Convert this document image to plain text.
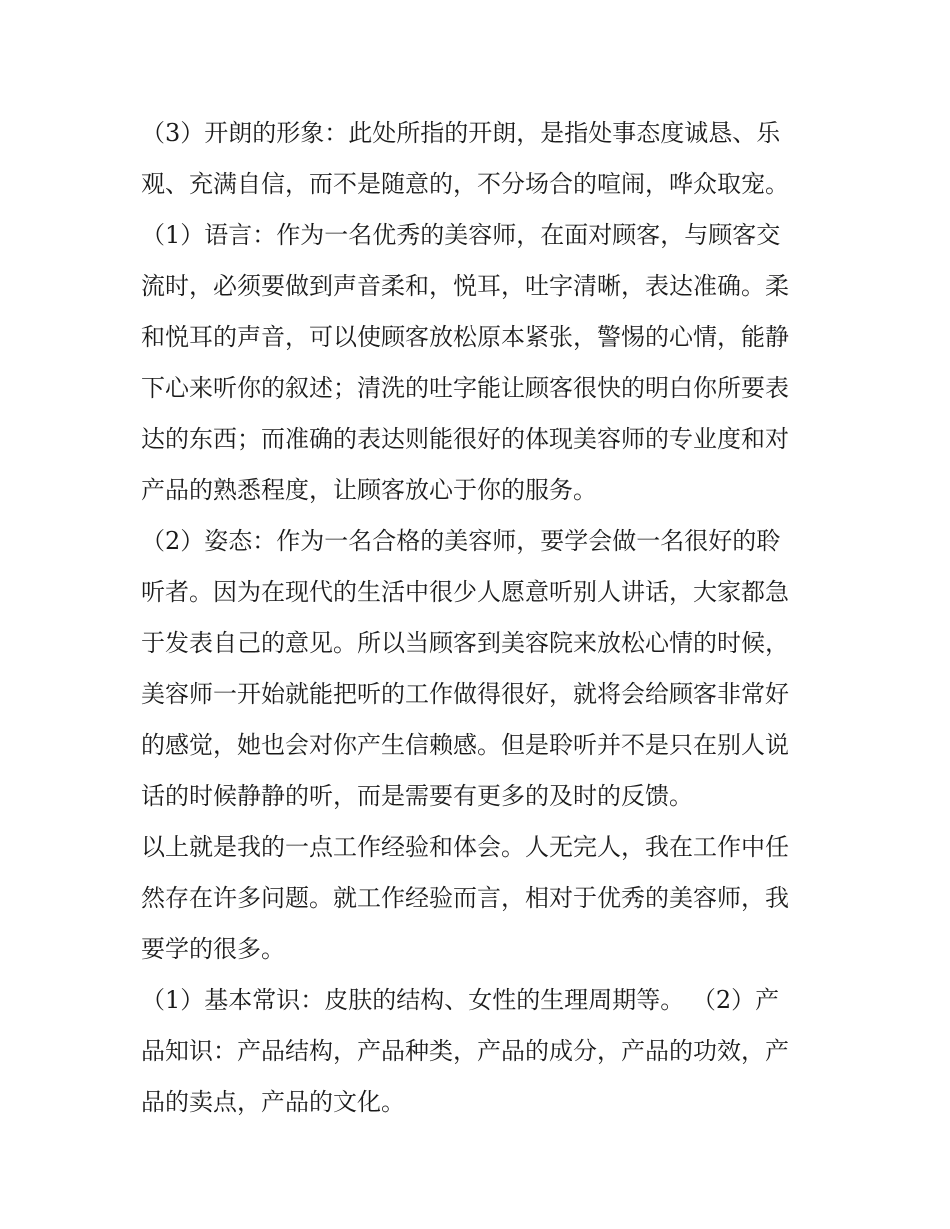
（3）开朗的形象：此处所指的开朗，是指处事态度诚恳、乐
观、充满自信，而不是随意的，不分场合的喧闹，哗众取宠。
（1）语言：作为一名优秀的美容师，在面对顾客，与顾客交
流时，必须要做到声音柔和，悦耳，吐字清晰，表达准确。柔
和悦耳的声音，可以使顾客放松原本紧张，警惕的心情，能静
下心来听你的叙述；清洗的吐字能让顾客很快的明白你所要表
达的东西；而准确的表达则能很好的体现美容师的专业度和对
产品的熟悉程度，让顾客放心于你的服务。
（2）姿态：作为一名合格的美容师，要学会做一名很好的聆
听者。因为在现代的生活中很少人愿意听别人讲话，大家都急
于发表自己的意见。所以当顾客到美容院来放松心情的时候，
美容师一开始就能把听的工作做得很好，就将会给顾客非常好
的感觉，她也会对你产生信赖感。但是聆听并不是只在别人说
话的时候静静的听，而是需要有更多的及时的反馈。
以上就是我的一点工作经验和体会。人无完人，我在工作中任
然存在许多问题。就工作经验而言，相对于优秀的美容师，我
要学的很多。
（1）基本常识：皮肤的结构、女性的生理周期等。 （2）产
品知识：产品结构，产品种类，产品的成分，产品的功效，产
品的卖点，产品的文化。
